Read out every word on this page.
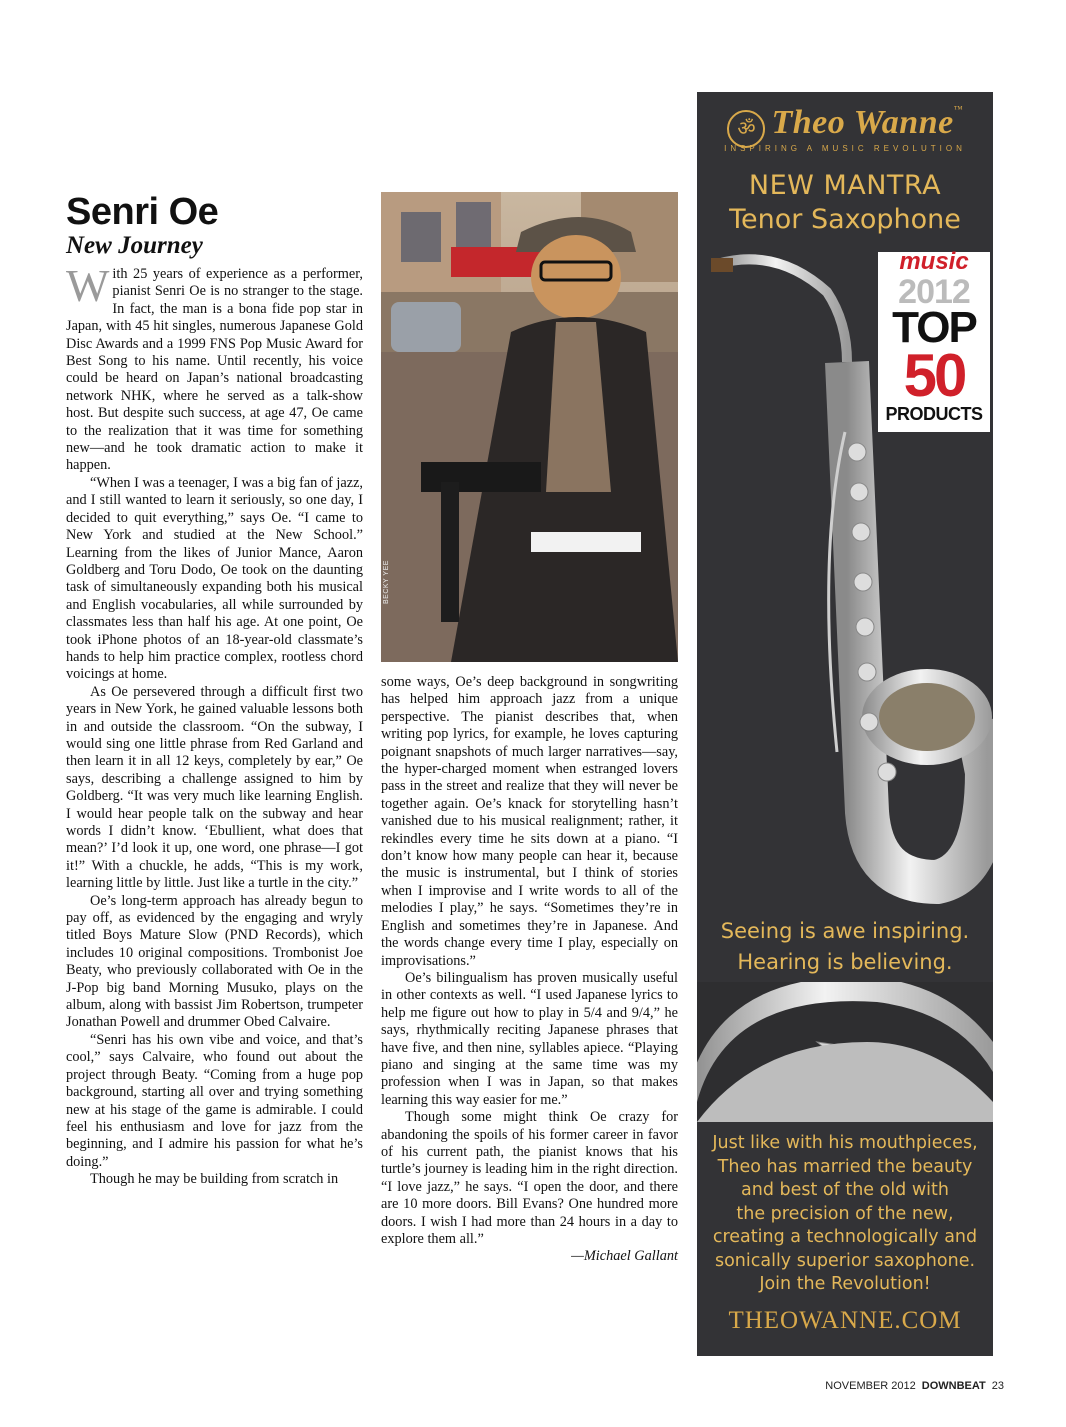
Senri Oe
New Journey

With 25 years of experience as a performer, pianist Senri Oe is no stranger to the stage. In fact, the man is a bona fide pop star in Japan, with 45 hit singles, numerous Japanese Gold Disc Awards and a 1999 FNS Pop Music Award for Best Song to his name. Until recently, his voice could be heard on Japan’s national broadcasting network NHK, where he served as a talk-show host. But despite such success, at age 47, Oe came to the realization that it was time for something new—and he took dramatic action to make it happen.

“When I was a teenager, I was a big fan of jazz, and I still wanted to learn it seriously, so one day, I decided to quit everything,” says Oe. “I came to New York and studied at the New School.” Learning from the likes of Junior Mance, Aaron Goldberg and Toru Dodo, Oe took on the daunting task of simultaneously expanding both his musical and English vocabularies, all while surrounded by classmates less than half his age. At one point, Oe took iPhone photos of an 18-year-old classmate’s hands to help him practice complex, rootless chord voicings at home.

As Oe persevered through a difficult first two years in New York, he gained valuable lessons both in and outside the classroom. “On the subway, I would sing one little phrase from Red Garland and then learn it in all 12 keys, completely by ear,” Oe says, describing a challenge assigned to him by Goldberg. “It was very much like learning English. I would hear people talk on the subway and hear words I didn’t know. ‘Ebullient, what does that mean?’ I’d look it up, one word, one phrase—I got it!” With a chuckle, he adds, “This is my work, learning little by little. Just like a turtle in the city.”

Oe’s long-term approach has already begun to pay off, as evidenced by the engaging and wryly titled Boys Mature Slow (PND Records), which includes 10 original compositions. Trombonist Joe Beaty, who previously collaborated with Oe in the J-Pop big band Morning Musuko, plays on the album, along with bassist Jim Robertson, trumpeter Jonathan Powell and drummer Obed Calvaire.

“Senri has his own vibe and voice, and that’s cool,” says Calvaire, who found out about the project through Beaty. “Coming from a huge pop background, starting all over and trying something new at his stage of the game is admirable. I could feel his enthusiasm and love for jazz from the beginning, and I admire his passion for what he’s doing.”

Though he may be building from scratch in

BECKY YEE

some ways, Oe’s deep background in songwriting has helped him approach jazz from a unique perspective. The pianist describes that, when writing pop lyrics, for example, he loves capturing poignant snapshots of much larger narratives—say, the hyper-charged moment when estranged lovers pass in the street and realize that they will never be together again. Oe’s knack for storytelling hasn’t vanished due to his musical realignment; rather, it rekindles every time he sits down at a piano. “I don’t know how many people can hear it, because the music is instrumental, but I think of stories when I improvise and I write words to all of the melodies I play,” he says. “Sometimes they’re in English and sometimes they’re in Japanese. And the words change every time I play, especially on improvisations.”

Oe’s bilingualism has proven musically useful in other contexts as well. “I used Japanese lyrics to help me figure out how to play in 5/4 and 9/4,” he says, rhythmically reciting Japanese phrases that have five, and then nine, syllables apiece. “Playing piano and singing at the same time was my profession when I was in Japan, so that makes learning this way easier for me.”

Though some might think Oe crazy for abandoning the spoils of his former career in favor of his current path, the pianist knows that his turtle’s journey is leading him in the right direction. “I love jazz,” he says. “I open the door, and there are 10 more doors. Bill Evans? One hundred more doors. I wish I had more than 24 hours in a day to explore them all.”

—Michael Gallant

ॐ Theo Wanne™
INSPIRING A MUSIC REVOLUTION
NEW MANTRA
Tenor Saxophone
music
2012
TOP
50
PRODUCTS
Seeing is awe inspiring.
Hearing is believing.
Just like with his mouthpieces,
Theo has married the beauty
and best of the old with
the precision of the new,
creating a technologically and
sonically superior saxophone.
Join the Revolution!
THEOWANNE.COM
NOVEMBER 2012 DOWNBEAT 23
